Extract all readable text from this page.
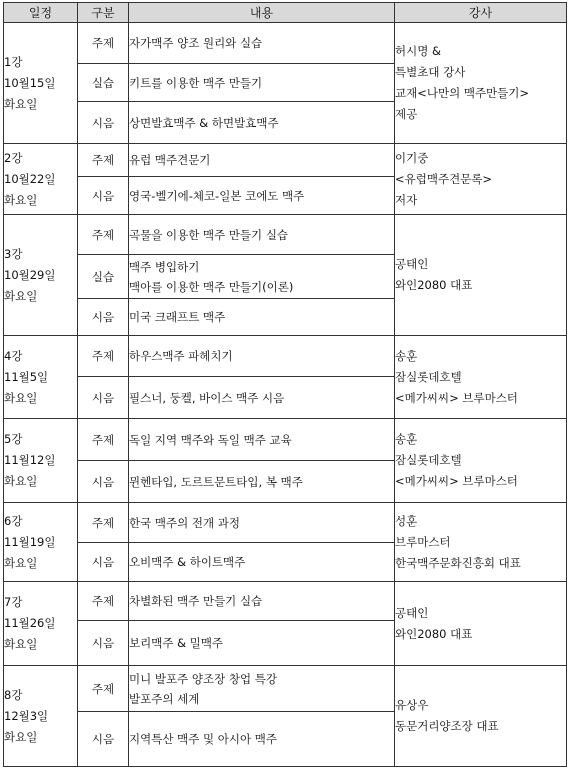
일정	구분	내용	강사

1강
10월15일
화요일	주제	자가맥주 양조 원리와 실습	허시명 &
특별초대 강사
교재<나만의 맥주만들기>
제공

	실습	키트를 이용한 맥주 만들기	

	시음	상면발효맥주 & 하면발효맥주	

2강
10월22일
화요일	주제	유럽 맥주견문기	이기중
<유럽맥주견문록>
저자

	시음	영국-벨기에-체코-일본 코에도 맥주	

3강
10월29일
화요일	주제	곡물을 이용한 맥주 만들기 실습	공태인
와인2080 대표

	실습	맥주 병입하기
맥아를 이용한 맥주 만들기(이론)	

	시음	미국 크래프트 맥주	

4강
11월5일
화요일	주제	하우스맥주 파헤치기	송훈
잠실롯데호텔
<메가씨씨> 브루마스터

	시음	필스너, 둥켈, 바이스 맥주 시음	

5강
11월12일
화요일	주제	독일 지역 맥주와 독일 맥주 교육	송훈
잠실롯데호텔
<메가씨씨> 브루마스터

	시음	뮌헨타입, 도르트문트타입, 복 맥주	

6강
11월19일
화요일	주제	한국 맥주의 전개 과정	성훈
브루마스터
한국맥주문화진흥회 대표

	시음	오비맥주 & 하이트맥주	

7강
11월26일
화요일	주제	차별화된 맥주 만들기 실습	공태인
와인2080 대표

	시음	보리맥주 & 밀맥주	

8강
12월3일
화요일	주제	미니 발포주 양조장 창업 특강
발포주의 세계	유상우
동문거리양조장 대표

	시음	지역특산 맥주 및 아시아 맥주	
